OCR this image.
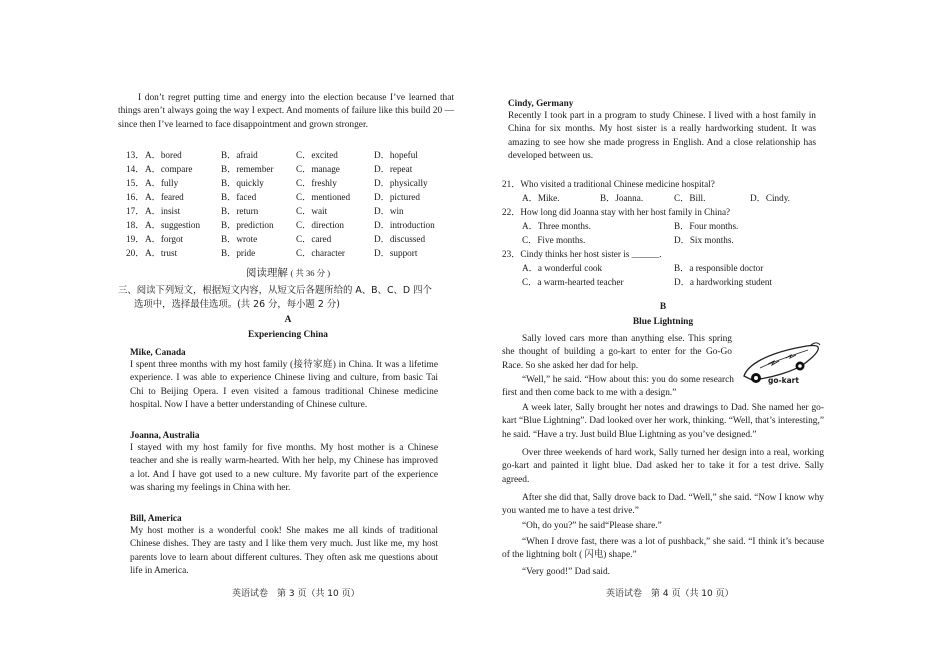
I don’t regret putting time and energy into the election because I’ve learned that things aren’t always going the way I expect. And moments of failure like this build 20 —since then I’ve learned to face disappointment and grown stronger.

13． A．bored	B．afraid	C．excited	D．hopeful
14． A．compare	B．remember C．manage	D．repeat
15． A．fully	B．quickly	C．freshly	D．physically
16． A．feared	B．faced	C．mentioned	D．pictured
17． A．insist	B．return	C．wait	D．win
18． A．suggestion B．prediction C．direction	D．introduction
19． A．forgot	B．wrote	C．cared	D．discussed
20． A．trust	B．pride	C．character	D．support
阅读理解 ( 共 36 分 )
三、阅读下列短文，根据短文内容，从短文后各题所给的 A、B、C、D 四个
选项中，选择最佳选项。(共 26 分，每小题 2 分)
A
Experiencing China
Mike, Canada

I spent three months with my host family (接待家庭) in China. It was a lifetime experience. I was able to experience Chinese living and culture, from basic Tai Chi to Beijing Opera. I even visited a famous traditional Chinese medicine hospital. Now I have a better understanding of Chinese culture.

Joanna, Australia

I stayed with my host family for five months. My host mother is a Chinese teacher and she is really warm-hearted. With her help, my Chinese has improved a lot. And I have got used to a new culture. My favorite part of the experience was sharing my feelings in China with her.

Bill, America

My host mother is a wonderful cook! She makes me all kinds of traditional Chinese dishes. They are tasty and I like them very much. Just like me, my host parents love to learn about different cultures. They often ask me questions about life in America.

英语试卷　第 3 页（共 10 页）
Cindy, Germany

Recently I took part in a program to study Chinese. I lived with a host family in China for six months. My host sister is a really hardworking student. It was amazing to see how she made progress in English. And a close relationship has developed between us.

21．Who visited a traditional Chinese medicine hospital?
A．Mike.	B．Joanna.	C．Bill.	D．Cindy.
22．How long did Joanna stay with her host family in China?
A．Three months.	B．Four months.
C．Five months.	D．Six months.
23．Cindy thinks her host sister is ______.
A．a wonderful cook	B．a responsible doctor
C．a warm-hearted teacher	D．a hardworking student
B
Blue Lightning

Sally loved cars more than anything else. This spring she thought of building a go-kart to enter for the Go-Go Race. So she asked her dad for help.

“Well,” he said. “How about this: you do some research first and then come back to me with a design.”

go-kart

A week later, Sally brought her notes and drawings to Dad. She named her go-kart “Blue Lightning”. Dad looked over her work, thinking. “Well, that’s interesting,” he said. “Have a try. Just build Blue Lightning as you’ve designed.”

Over three weekends of hard work, Sally turned her design into a real, working go-kart and painted it light blue. Dad asked her to take it for a test drive. Sally agreed.

After she did that, Sally drove back to Dad. “Well,” she said. “Now I know why you wanted me to have a test drive.”

“Oh, do you?” he said“Please share.”

“When I drove fast, there was a lot of pushback,” she said. “I think it’s because of the lightning bolt ( 闪电) shape.”

“Very good!” Dad said.

英语试卷　第 4 页（共 10 页）
